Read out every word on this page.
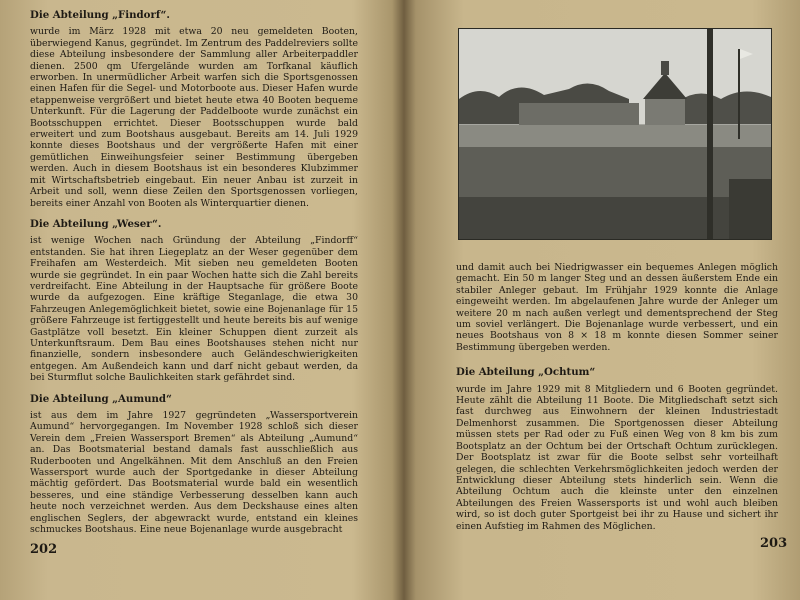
Die Abteilung „Findorf“.
wurde im März 1928 mit etwa 20 neu gemeldeten Booten, überwiegend Kanus, gegründet. Im Zentrum des Paddelreviers sollte diese Abteilung insbesondere der Sammlung aller Arbeiterpaddler dienen. 2500 qm Ufergelände wurden am Torfkanal käuflich erworben. In unermüdlicher Arbeit warfen sich die Sportsgenossen einen Hafen für die Segel- und Motorboote aus. Dieser Hafen wurde etappenweise vergrößert und bietet heute etwa 40 Booten bequeme Unterkunft. Für die Lagerung der Paddelboote wurde zunächst ein Bootsschuppen errichtet. Dieser Bootsschuppen wurde bald erweitert und zum Bootshaus ausgebaut. Bereits am 14. Juli 1929 konnte dieses Bootshaus und der vergrößerte Hafen mit einer gemütlichen Einweihungsfeier seiner Bestimmung übergeben werden. Auch in diesem Bootshaus ist ein besonderes Klubzimmer mit Wirtschaftsbetrieb eingebaut. Ein neuer Anbau ist zurzeit in Arbeit und soll, wenn diese Zeilen den Sportsgenossen vorliegen, bereits einer Anzahl von Booten als Winterquartier dienen.
Die Abteilung „Weser“.
ist wenige Wochen nach Gründung der Abteilung „Findorff“ entstanden. Sie hat ihren Liegeplatz an der Weser gegenüber dem Freihafen am Westerdeich. Mit sieben neu gemeldeten Booten wurde sie gegründet. In ein paar Wochen hatte sich die Zahl bereits verdreifacht. Eine Abteilung in der Hauptsache für größere Boote wurde da aufgezogen. Eine kräftige Steganlage, die etwa 30 Fahrzeugen Anlegemöglichkeit bietet, sowie eine Bojenanlage für 15 größere Fahrzeuge ist fertiggestellt und heute bereits bis auf wenige Gastplätze voll besetzt. Ein kleiner Schuppen dient zurzeit als Unterkunftsraum. Dem Bau eines Bootshauses stehen nicht nur finanzielle, sondern insbesondere auch Geländeschwierigkeiten entgegen. Am Außendeich kann und darf nicht gebaut werden, da bei Sturmflut solche Baulichkeiten stark gefährdet sind.
Die Abteilung „Aumund“
ist aus dem im Jahre 1927 gegründeten „Wassersportverein Aumund“ hervorgegangen. Im November 1928 schloß sich dieser Verein dem „Freien Wassersport Bremen“ als Abteilung „Aumund“ an. Das Bootsmaterial bestand damals fast ausschließlich aus Ruderbooten und Angelkähnen. Mit dem Anschluß an den Freien Wassersport wurde auch der Sportgedanke in dieser Abteilung mächtig gefördert. Das Bootsmaterial wurde bald ein wesentlich besseres, und eine ständige Verbesserung desselben kann auch heute noch verzeichnet werden. Aus dem Deckshause eines alten englischen Seglers, der abgewrackt wurde, entstand ein kleines schmuckes Bootshaus. Eine neue Bojenanlage wurde ausgebracht
202
und damit auch bei Niedrigwasser ein bequemes Anlegen möglich gemacht. Ein 50 m langer Steg und an dessen äußerstem Ende ein stabiler Anleger gebaut. Im Frühjahr 1929 konnte die Anlage eingeweiht werden. Im abgelaufenen Jahre wurde der Anleger um weitere 20 m nach außen verlegt und dementsprechend der Steg um soviel verlängert. Die Bojenanlage wurde verbessert, und ein neues Bootshaus von 8 × 18 m konnte diesen Sommer seiner Bestimmung übergeben werden.
Die Abteilung „Ochtum“
wurde im Jahre 1929 mit 8 Mitgliedern und 6 Booten gegründet. Heute zählt die Abteilung 11 Boote. Die Mitgliedschaft setzt sich fast durchweg aus Einwohnern der kleinen Industriestadt Delmenhorst zusammen. Die Sportgenossen dieser Abteilung müssen stets per Rad oder zu Fuß einen Weg von 8 km bis zum Bootsplatz an der Ochtum bei der Ortschaft Ochtum zurücklegen. Der Bootsplatz ist zwar für die Boote selbst sehr vorteilhaft gelegen, die schlechten Verkehrsmöglichkeiten jedoch werden der Entwicklung dieser Abteilung stets hinderlich sein. Wenn die Abteilung Ochtum auch die kleinste unter den einzelnen Abteilungen des Freien Wassersports ist und wohl auch bleiben wird, so ist doch guter Sportgeist bei ihr zu Hause und sichert ihr einen Aufstieg im Rahmen des Möglichen.
203
